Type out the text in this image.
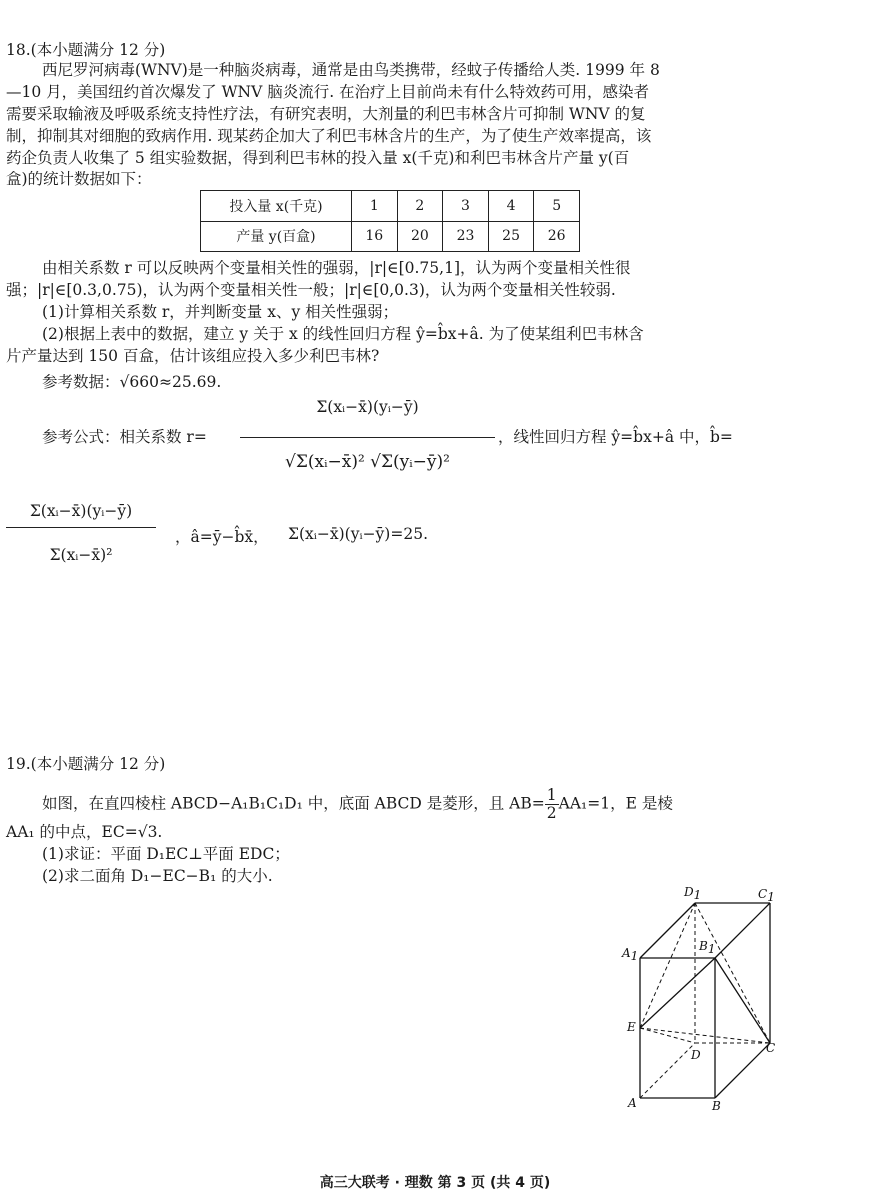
18.(本小题满分 12 分)
西尼罗河病毒(WNV)是一种脑炎病毒，通常是由鸟类携带，经蚊子传播给人类. 1999 年 8
—10 月，美国纽约首次爆发了 WNV 脑炎流行. 在治疗上目前尚未有什么特效药可用，感染者
需要采取输液及呼吸系统支持性疗法，有研究表明，大剂量的利巴韦林含片可抑制 WNV 的复
制，抑制其对细胞的致病作用. 现某药企加大了利巴韦林含片的生产，为了使生产效率提高，该
药企负责人收集了 5 组实验数据，得到利巴韦林的投入量 x(千克)和利巴韦林含片产量 y(百
盒)的统计数据如下：
投入量 x(千克)	1	2	3	4	5
产量 y(百盒)	16	20	23	25	26
由相关系数 r 可以反映两个变量相关性的强弱，|r|∈[0.75,1]，认为两个变量相关性很
强；|r|∈[0.3,0.75)，认为两个变量相关性一般；|r|∈[0,0.3)，认为两个变量相关性较弱.
(1)计算相关系数 r，并判断变量 x、y 相关性强弱；
(2)根据上表中的数据，建立 y 关于 x 的线性回归方程 ŷ=b̂x+â. 为了使某组利巴韦林含
片产量达到 150 百盒，估计该组应投入多少利巴韦林?
参考数据：√660≈25.69.
参考公式：相关系数 r=
Σ(xᵢ−x̄)(yᵢ−ȳ)
√Σ(xᵢ−x̄)² √Σ(yᵢ−ȳ)²
，线性回归方程 ŷ=b̂x+â 中，b̂=
Σ(xᵢ−x̄)(yᵢ−ȳ)
Σ(xᵢ−x̄)²
，â=ȳ−b̂x̄， Σ(xᵢ−x̄)(yᵢ−ȳ)=25.
19.(本小题满分 12 分)
如图，在直四棱柱 ABCD−A₁B₁C₁D₁ 中，底面 ABCD 是菱形，且 $AB= \frac{1}{2} AA_1=1$，E 是棱
AA₁ 的中点，EC=√3.
(1)求证：平面 D₁EC⊥平面 EDC；
(2)求二面角 D₁−EC−B₁ 的大小.
D1	C1
A1
B1
E
D	C
A	B
高三大联考 · 理数 第 3 页 (共 4 页)
